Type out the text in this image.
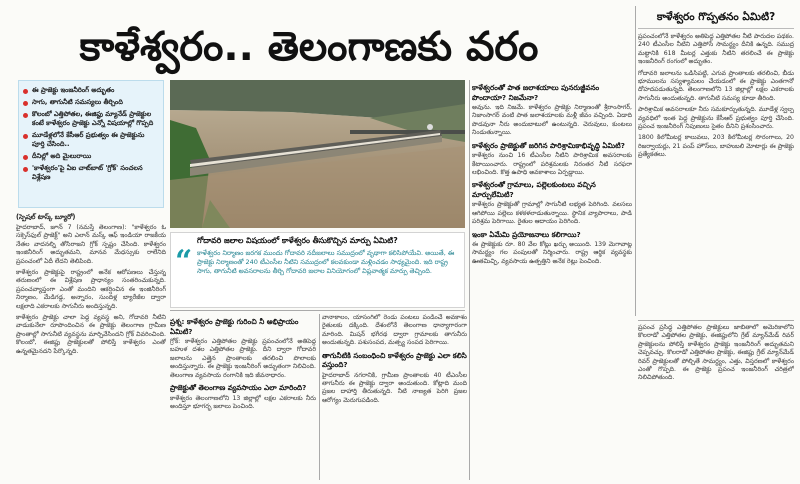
కాళేశ్వరం.. తెలంగాణకు వరం
ఈ ప్రాజెక్టు ఇంజనీరింగ్ అద్భుతం
సాగు, తాగునీటి సమస్యలు తీర్చింది
కొలంబో ఎత్తిపోతల, ఈజిప్టు మ్యానేడ్ ప్రాజెక్టుల కంటే కాళేశ్వరం ప్రాజెక్టు ఎన్నో విషయాల్లో గొప్పది
మూడేళ్లలోనే కేసీఆర్ ప్రభుత్వం ఈ ప్రాజెక్టును పూర్తి చేసింది..
దీనిల్లో అది మైలురాయి
'కాళేశ్వరం'పై ఏఐ చాట్‌బాట్ 'గ్రోక్' సంచలన విశ్లేషణ
(స్పెషల్ టాస్క్ బ్యూరో)

హైదరాబాద్, జూన్ 7 (నమస్తే తెలంగాణ): "కాళేశ్వరం ఓ సక్సెస్‌ఫుల్ ప్రాజెక్ట్" అని ఎలాన్ మస్క్ ఆఫ్ ఇండియా రాజకీయ నేతల వాదనల్ని తోసిరాజని గ్రోక్ స్పష్టం చేసింది. కాళేశ్వరం ఇంజినీరింగ్ అద్భుతమని, మానవ మేధస్సుకు రాలేనిది ప్రపంచంలో ఏదీ లేదని తెలిపింది.

కాళేశ్వరం ప్రాజెక్టుపై రాష్ట్రంలో అనేక ఆరోపణలు చేస్తున్న తరుణంలో ఈ విశ్లేషణ ప్రాధాన్యం సంతరించుకున్నది. ప్రపంచవ్యాప్తంగా ఎంతో మందిని ఆకర్షించిన ఈ ఇంజినీరింగ్ నిర్మాణం, మేడిగడ్డ, అన్నారం, సుందిళ్ల బ్యారేజీల ద్వారా లక్షలాది ఎకరాలకు సాగునీరు అందిస్తున్నది.

కాళేశ్వరం ప్రాజెక్టు చాలా పెద్ద వ్యవస్థ అని, గోదావరి నీటిని వాడుకునేలా రూపొందించిన ఈ ప్రాజెక్టు తెలంగాణ గ్రామీణ ప్రాంతాల్లో సాగునీటి వ్యవస్థను మార్చివేసిందని గ్రోక్ వివరించింది. కొలంబో, ఈజిప్టు ప్రాజెక్టులతో పోలిస్తే కాళేశ్వరం ఎంతో ఉన్నతమైనదని పేర్కొన్నది.

గోదావరి జలాల విషయంలో కాళేశ్వరం తీసుకొచ్చిన మార్పు ఏమిటి?
“ కాళేశ్వరం నిర్మాణం జరగక ముందు గోదావరి నదీజలాలు సముద్రంలో వృథాగా కలిసిపోయేవి. అయితే, ఈ ప్రాజెక్టు నిర్మాణంతో 240 టీఎంసీల నీటిని సముద్రంలో కలవకుండా మళ్లించడం సాధ్యమైంది. ఇది రాష్ట్ర సాగు, తాగునీటి అవసరాలను తీర్చి గోదావరి జలాల వినియోగంలో విప్లవాత్మక మార్పు తెచ్చింది.
ప్రశ్న: కాళేశ్వరం ప్రాజెక్టు గురించి నీ అభిప్రాయం ఏమిటి?

గ్రోక్: కాళేశ్వరం ఎత్తిపోతల ప్రాజెక్టు ప్రపంచంలోనే అతిపెద్ద బహుళ దశల ఎత్తిపోతల ప్రాజెక్టు. దీని ద్వారా గోదావరి జలాలను ఎత్తైన ప్రాంతాలకు తరలించి పొలాలకు అందిస్తున్నారు. ఈ ప్రాజెక్టు ఇంజనీరింగ్ అద్భుతంగా నిలిచింది. తెలంగాణ వ్యవసాయ రంగానికి ఇది జీవనాధారం.

ప్రాజెక్టుతో తెలంగాణ వ్యవసాయం ఎలా మారింది?

కాళేశ్వరం తెలంగాణలోని 13 జిల్లాల్లో లక్షల ఎకరాలకు నీరు అందిస్తూ భూగర్భ జలాలు పెంచింది.

వానాకాలం, యాసంగిలో రెండు పంటలు పండించే అవకాశం రైతులకు దక్కింది. దేశంలోనే తెలంగాణ ధాన్యాగారంగా మారింది. మిషన్ భగీరథ ద్వారా గ్రామాలకు తాగునీరు అందుతున్నది. పశుసంపద, మత్స్య సంపద పెరిగాయి.

తాగునీటికి సంబంధించి కాళేశ్వరం ప్రాజెక్టు ఎలా కలిసి వస్తుంది?

హైదరాబాద్ నగరానికి, గ్రామీణ ప్రాంతాలకు 40 టీఎంసీల తాగునీరు ఈ ప్రాజెక్టు ద్వారా అందుతుంది. కోట్లాది మంది ప్రజల దాహార్తి తీరుతున్నది. నీటి నాణ్యత పెరిగి ప్రజల ఆరోగ్యం మెరుగుపడింది.

కాళేశ్వరంతో పాత జలాశయాలు పునరుజ్జీవనం పొందాయా? నిజమేనా?

అవును. ఇది నిజమే. కాళేశ్వరం ప్రాజెక్టు నిర్మాణంతో శ్రీరాంసాగర్, నిజాంసాగర్ వంటి పాత జలాశయాలకు మళ్లీ జీవం వచ్చింది. ఏడాది పొడవునా నీరు అందుబాటులో ఉంటున్నది. చెరువులు, కుంటలు నిండుతున్నాయి.

కాళేశ్వరం ప్రాజెక్టుతో జరిగిన పారిశ్రామికాభివృద్ధి ఏమిటి?

కాళేశ్వరం నుంచి 16 టీఎంసీల నీటిని పారిశ్రామిక అవసరాలకు కేటాయించారు. రాష్ట్రంలో పరిశ్రమలకు నిరంతర నీటి సరఫరా లభించింది. కొత్త ఉపాధి అవకాశాలు ఏర్పడ్డాయి.

కాళేశ్వరంతో గ్రామాలు, పల్లెలకుంటలు వచ్చిన మార్పులేమిటి?

కాళేశ్వరం ప్రాజెక్టుతో గ్రామాల్లో సాగునీటి లభ్యత పెరిగింది. వలసలు ఆగిపోయి పల్లెలు కళకళలాడుతున్నాయి. స్థానిక వ్యాపారాలు, పాడి పరిశ్రమ పెరిగాయి. రైతుల ఆదాయం పెరిగింది.

ఇంకా ఏమేమి ప్రయోజనాలు కలిగాయి?

ఈ ప్రాజెక్టుకు రూ. 80 వేల కోట్లు ఖర్చు అయింది. 139 మెగావాట్ల సామర్థ్యం గల పంపులతో నిర్మించారు. రాష్ట్ర ఆర్థిక వ్యవస్థకు ఊతమిచ్చి, వ్యవసాయ ఉత్పత్తిని అనేక రెట్లు పెంచింది.

కాళేశ్వరం గొప్పతనం ఏమిటి?

ప్రపంచంలోనే కాళేశ్వరం అతిపెద్ద ఎత్తిపోతల నీటి పారుదల పథకం. 240 టీఎంసీల నీటిని ఎత్తిపోసే సామర్థ్యం దీనికి ఉన్నది. సముద్ర మట్టానికి 618 మీటర్ల ఎత్తుకు నీటిని తరలించే ఈ ప్రాజెక్టు ఇంజనీరింగ్ రంగంలో అద్భుతం.

గోదావరి జలాలను ఒడిసిపట్టి, ఎగువ ప్రాంతాలకు తరలించి, బీడు భూములను సస్యశ్యామలం చేయడంలో ఈ ప్రాజెక్టు ఎంతగానో దోహదపడుతున్నది. తెలంగాణలోని 13 జిల్లాల్లో లక్షల ఎకరాలకు సాగునీరు అందుతున్నది. తాగునీటి సమస్య కూడా తీరింది.

పారిశ్రామిక అవసరాలకూ నీరు సమకూర్చుతున్నది. మూడేళ్ల స్వల్ప వ్యవధిలో ఇంత పెద్ద ప్రాజెక్టును కేసీఆర్ ప్రభుత్వం పూర్తి చేసింది. ప్రపంచ ఇంజనీరింగ్ నిపుణులు సైతం దీనిని ప్రశంసించారు.

1800 కిలోమీటర్ల కాలువలు, 203 కిలోమీటర్ల సొరంగాలు, 20 రిజర్వాయర్లు, 21 పంప్ హౌస్‌లు, బాహుబలి మోటార్లు ఈ ప్రాజెక్టు ప్రత్యేకతలు.

ప్రపంచ ప్రసిద్ధ ఎత్తిపోతల ప్రాజెక్టులు జాబితాలో అమెరికాలోని కొలరాడో ఎత్తిపోతల ప్రాజెక్టు, ఈజిప్టులోని గ్రేట్ మ్యాన్‌మేడ్ రివర్ ప్రాజెక్టులను పోలిస్తే కాళేశ్వరం ప్రాజెక్టు ఇంజనీరింగ్ అద్భుతమని చెప్పవచ్చు. కొలరాడో ఎత్తిపోతల ప్రాజెక్టు, ఈజిప్టు గ్రేట్ మ్యాన్‌మేడ్ రివర్ ప్రాజెక్టులతో పోల్చితే సామర్థ్యం, ఎత్తు, విస్తరణలో కాళేశ్వరం ఎంతో గొప్పది. ఈ ప్రాజెక్టు ప్రపంచ ఇంజనీరింగ్ చరిత్రలో నిలిచిపోతుంది.
